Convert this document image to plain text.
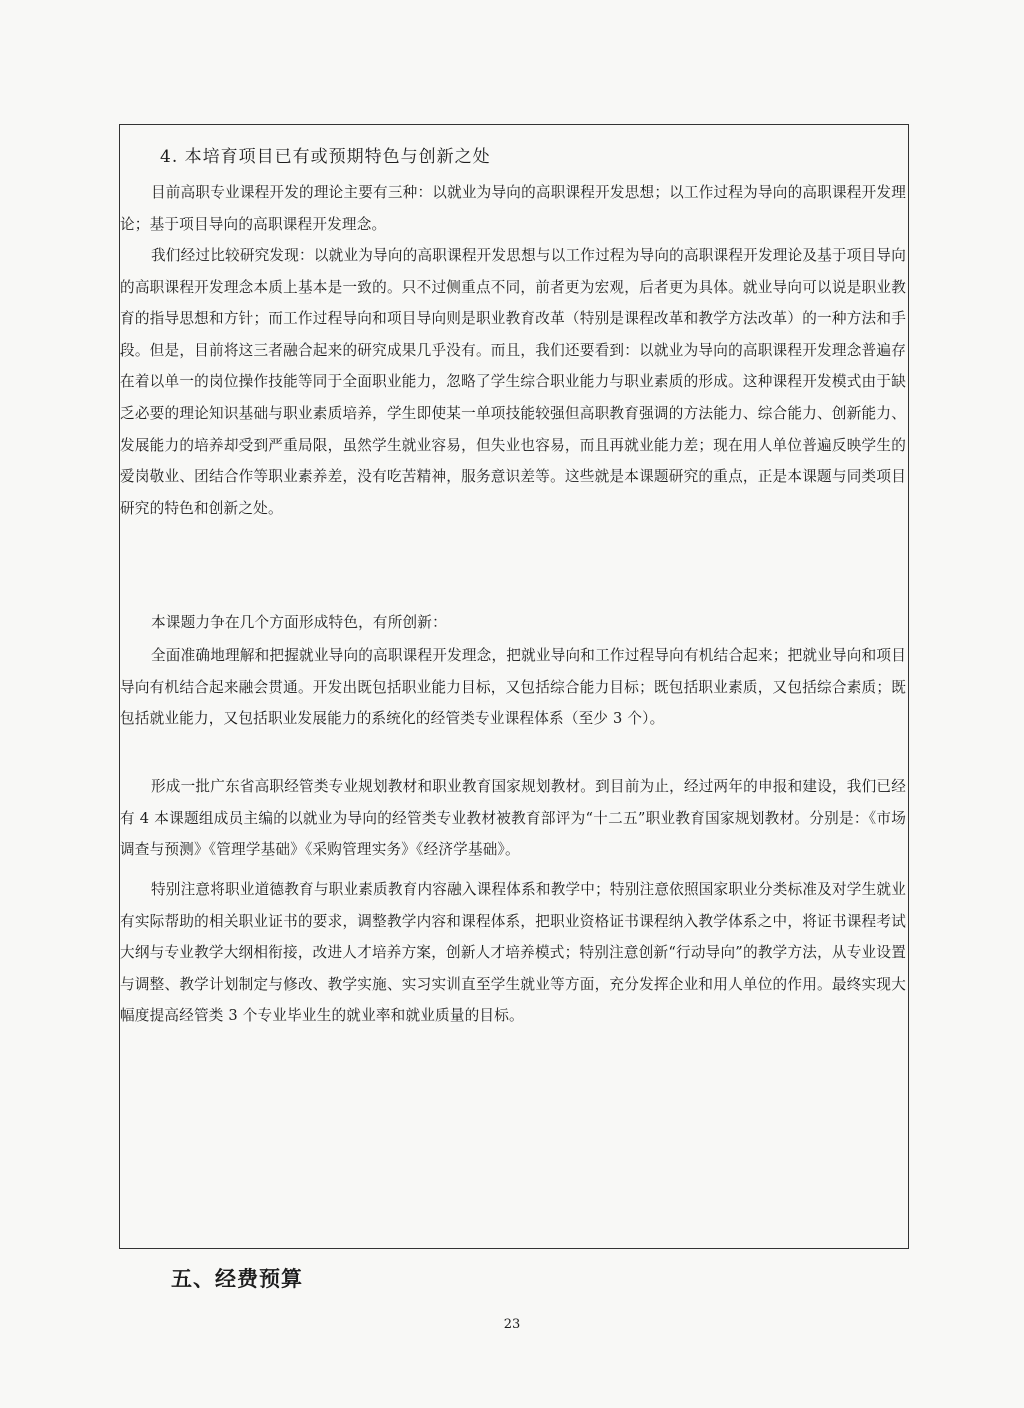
4. 本培育项目已有或预期特色与创新之处

目前高职专业课程开发的理论主要有三种：以就业为导向的高职课程开发思想；以工作过程为导向的高职课程开发理论；基于项目导向的高职课程开发理念。

我们经过比较研究发现：以就业为导向的高职课程开发思想与以工作过程为导向的高职课程开发理论及基于项目导向的高职课程开发理念本质上基本是一致的。只不过侧重点不同，前者更为宏观，后者更为具体。就业导向可以说是职业教育的指导思想和方针；而工作过程导向和项目导向则是职业教育改革（特别是课程改革和教学方法改革）的一种方法和手段。但是，目前将这三者融合起来的研究成果几乎没有。而且，我们还要看到：以就业为导向的高职课程开发理念普遍存在着以单一的岗位操作技能等同于全面职业能力，忽略了学生综合职业能力与职业素质的形成。这种课程开发模式由于缺乏必要的理论知识基础与职业素质培养，学生即使某一单项技能较强但高职教育强调的方法能力、综合能力、创新能力、发展能力的培养却受到严重局限，虽然学生就业容易，但失业也容易，而且再就业能力差；现在用人单位普遍反映学生的爱岗敬业、团结合作等职业素养差，没有吃苦精神，服务意识差等。这些就是本课题研究的重点，正是本课题与同类项目研究的特色和创新之处。

本课题力争在几个方面形成特色，有所创新：

全面准确地理解和把握就业导向的高职课程开发理念，把就业导向和工作过程导向有机结合起来；把就业导向和项目导向有机结合起来融会贯通。开发出既包括职业能力目标，又包括综合能力目标；既包括职业素质，又包括综合素质；既包括就业能力，又包括职业发展能力的系统化的经管类专业课程体系（至少 3 个）。

形成一批广东省高职经管类专业规划教材和职业教育国家规划教材。到目前为止，经过两年的申报和建设，我们已经有 4 本课题组成员主编的以就业为导向的经管类专业教材被教育部评为“十二五”职业教育国家规划教材。分别是：《市场调查与预测》《管理学基础》《采购管理实务》《经济学基础》。

特别注意将职业道德教育与职业素质教育内容融入课程体系和教学中；特别注意依照国家职业分类标准及对学生就业有实际帮助的相关职业证书的要求，调整教学内容和课程体系，把职业资格证书课程纳入教学体系之中，将证书课程考试大纲与专业教学大纲相衔接，改进人才培养方案，创新人才培养模式；特别注意创新“行动导向”的教学方法，从专业设置与调整、教学计划制定与修改、教学实施、实习实训直至学生就业等方面，充分发挥企业和用人单位的作用。最终实现大幅度提高经管类 3 个专业毕业生的就业率和就业质量的目标。

五、经费预算
23
